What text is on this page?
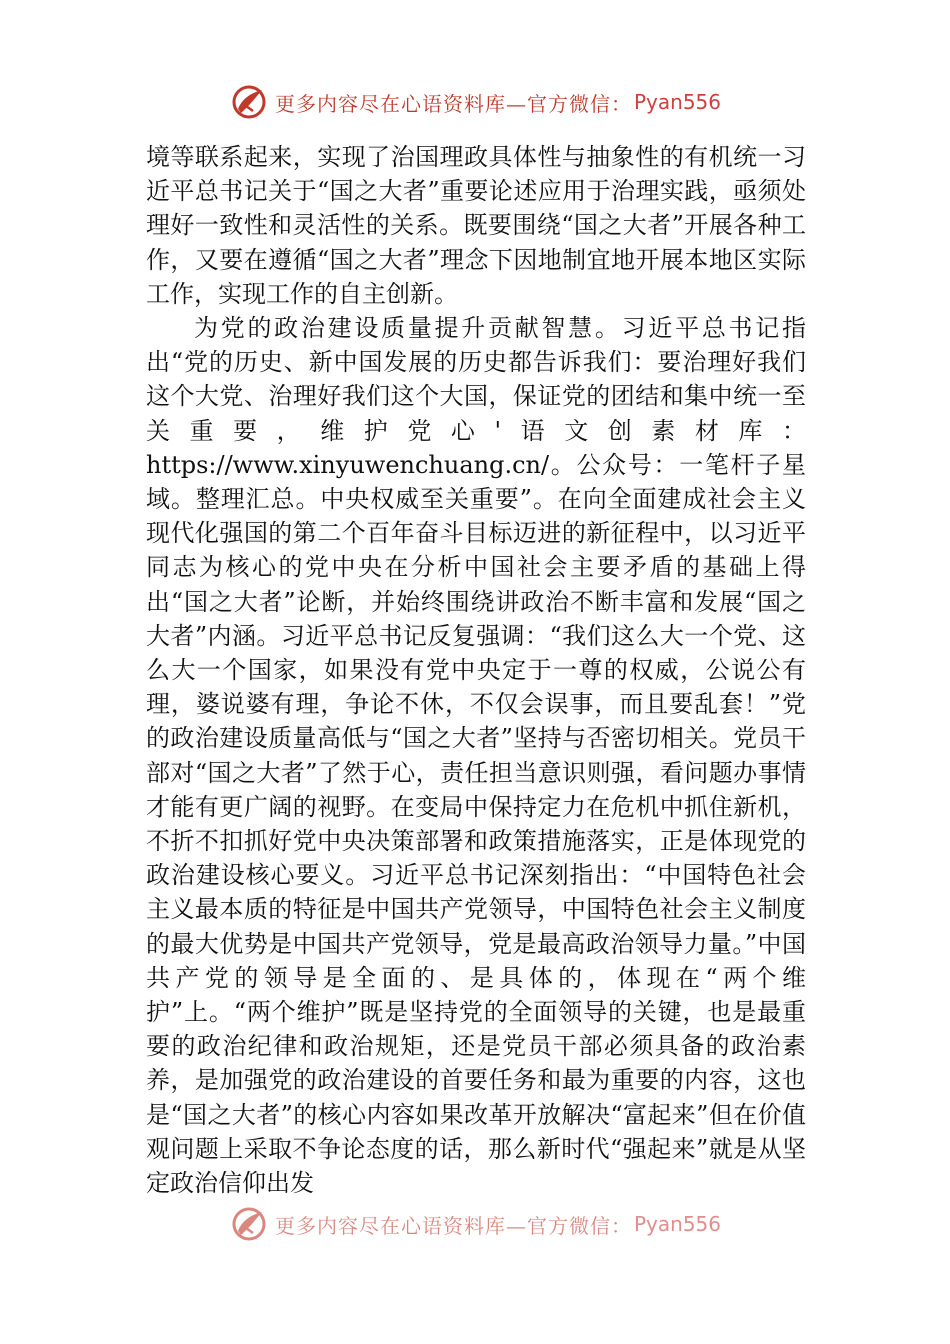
更多内容尽在心语资料库—官方微信： Pyan556

境等联系起来，实现了治国理政具体性与抽象性的有机统一习近平总书记关于“国之大者”重要论述应用于治理实践，亟须处理好一致性和灵活性的关系。既要围绕“国之大者”开展各种工作，又要在遵循“国之大者”理念下因地制宜地开展本地区实际工作，实现工作的自主创新。

为党的政治建设质量提升贡献智慧。习近平总书记指出“党的历史、新中国发展的历史都告诉我们：要治理好我们这个大党、治理好我们这个大国，保证党的团结和集中统一至关重要，维护党心'语文创素材库：https://www.xinyuwenchuang.cn/。公众号：一笔杆子星域。整理汇总。中央权威至关重要”。在向全面建成社会主义现代化强国的第二个百年奋斗目标迈进的新征程中，以习近平同志为核心的党中央在分析中国社会主要矛盾的基础上得出“国之大者”论断，并始终围绕讲政治不断丰富和发展“国之大者”内涵。习近平总书记反复强调：“我们这么大一个党、这么大一个国家，如果没有党中央定于一尊的权威，公说公有理，婆说婆有理，争论不休，不仅会误事，而且要乱套！”党的政治建设质量高低与“国之大者”坚持与否密切相关。党员干部对“国之大者”了然于心，责任担当意识则强，看问题办事情才能有更广阔的视野。在变局中保持定力在危机中抓住新机，不折不扣抓好党中央决策部署和政策措施落实，正是体现党的政治建设核心要义。习近平总书记深刻指出：“中国特色社会主义最本质的特征是中国共产党领导，中国特色社会主义制度的最大优势是中国共产党领导，党是最高政治领导力量。”中国共产党的领导是全面的、是具体的，体现在“两个维护”上。“两个维护”既是坚持党的全面领导的关键，也是最重要的政治纪律和政治规矩，还是党员干部必须具备的政治素养，是加强党的政治建设的首要任务和最为重要的内容，这也是“国之大者”的核心内容如果改革开放解决“富起来”但在价值观问题上采取不争论态度的话，那么新时代“强起来”就是从坚定政治信仰出发

更多内容尽在心语资料库—官方微信： Pyan556
